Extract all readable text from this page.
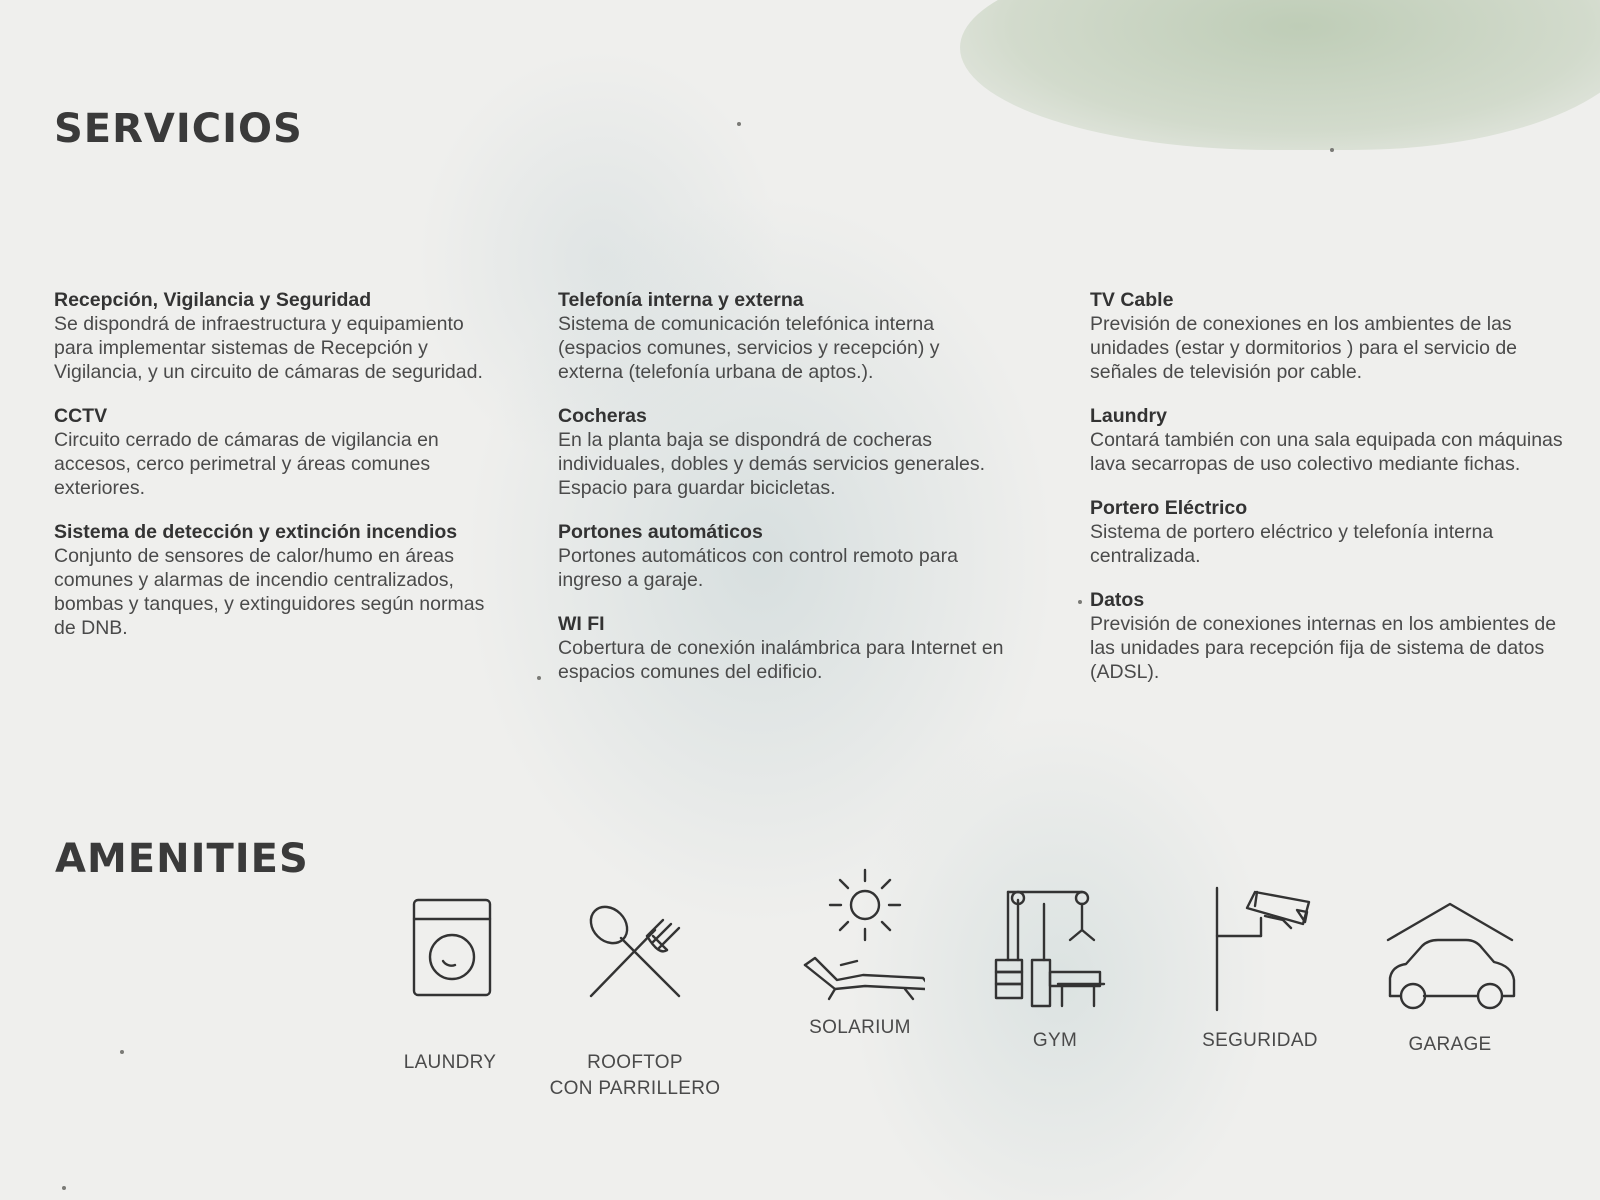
SERVICIOS
Recepción, Vigilancia y Seguridad
Se dispondrá de infraestructura y equipamiento para implementar sistemas de Recepción y Vigilancia, y un circuito de cámaras de seguridad.
CCTV
Circuito cerrado de cámaras de vigilancia en accesos, cerco perimetral y áreas comunes exteriores.
Sistema de detección y extinción incendios
Conjunto de sensores de calor/humo en áreas comunes y alarmas de incendio centralizados, bombas y tanques, y extinguidores según normas de DNB.
Telefonía interna y externa
Sistema de comunicación telefónica interna (espacios comunes, servicios y recepción) y externa (telefonía urbana de aptos.).
Cocheras
En la planta baja se dispondrá de cocheras individuales, dobles y demás servicios generales. Espacio para guardar bicicletas.
Portones automáticos
Portones automáticos con control remoto para ingreso a garaje.
WI FI
Cobertura de conexión inalámbrica para Internet en espacios comunes del edificio.
TV Cable
Previsión de conexiones en los ambientes de las unidades (estar y dormitorios ) para el servicio de señales de televisión por cable.
Laundry
Contará también con una sala equipada con máquinas lava secarropas de uso colectivo mediante fichas.
Portero Eléctrico
Sistema de portero eléctrico y telefonía interna centralizada.
Datos
Previsión de conexiones internas en los ambientes de las unidades para recepción fija de sistema de datos (ADSL).
AMENITIES
LAUNDRY	ROOFTOP
CON PARRILLERO
SOLARIUM
GYM	SEGURIDAD	GARAGE
